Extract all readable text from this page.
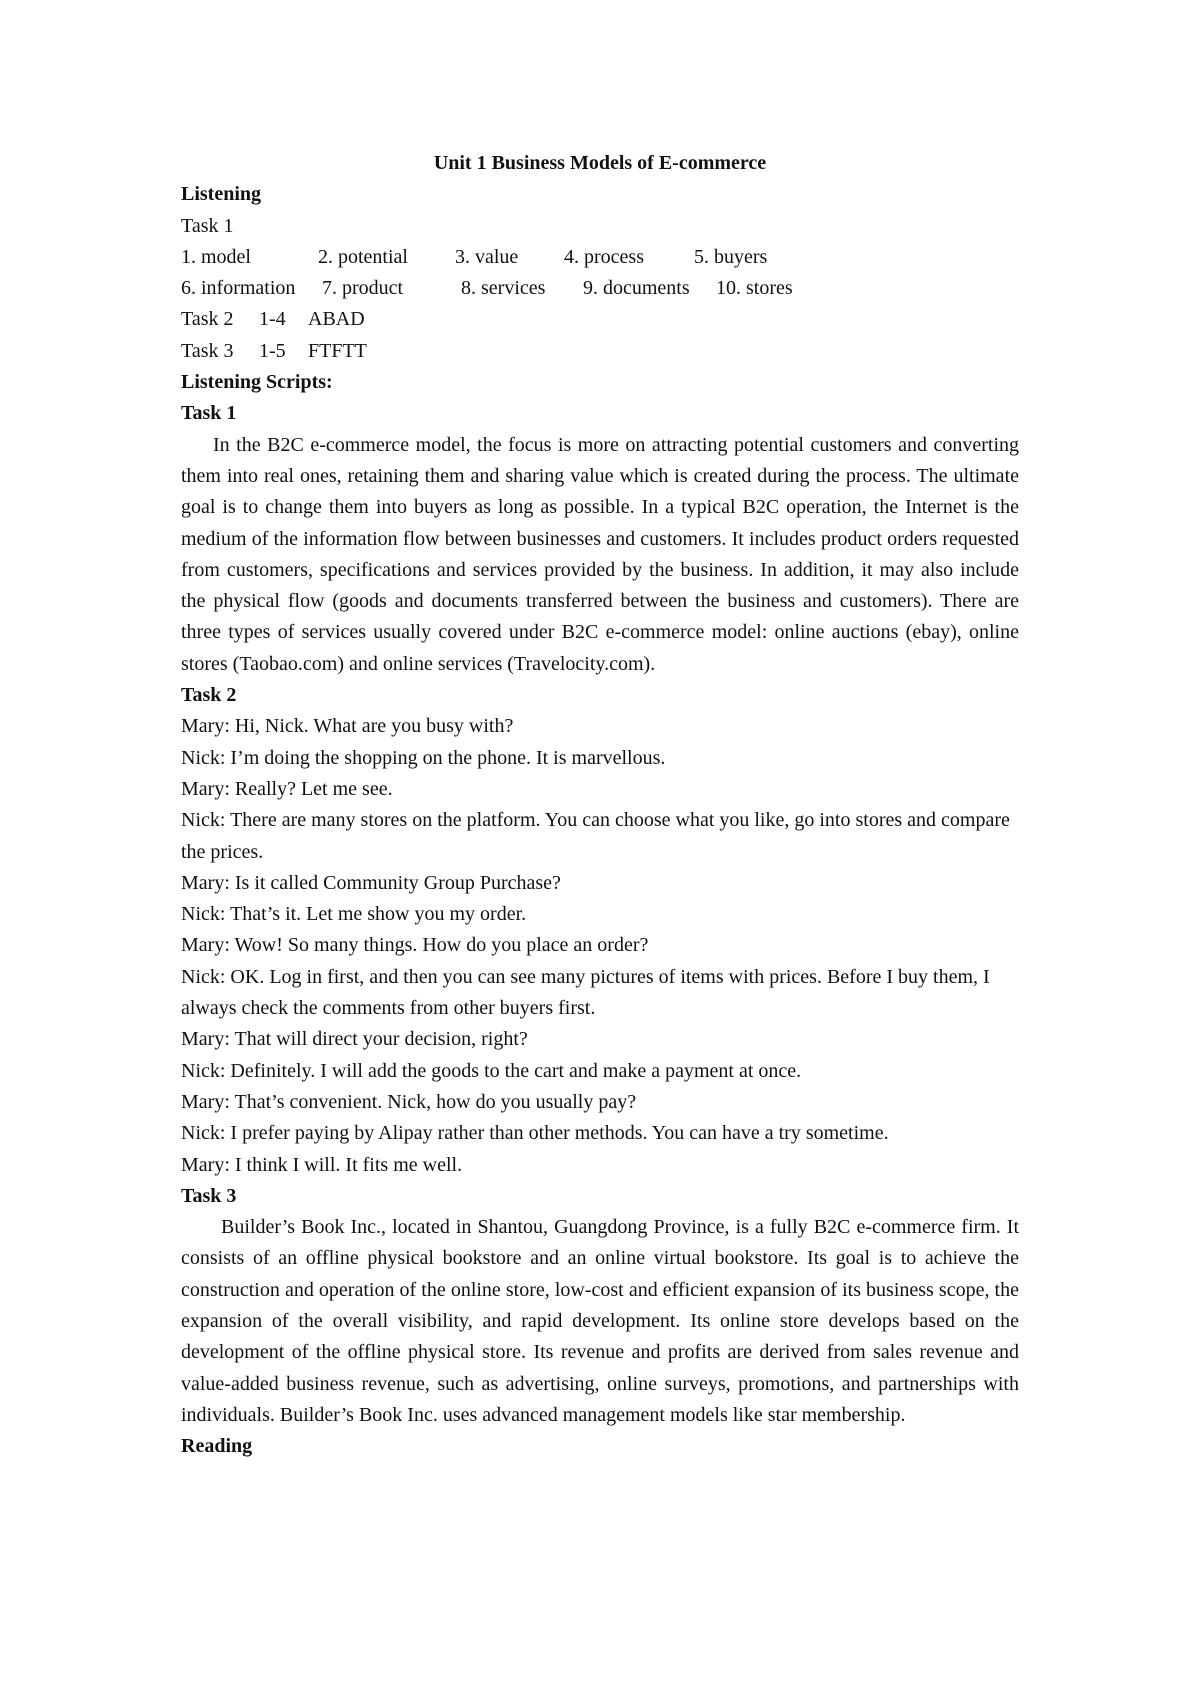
Unit 1 Business Models of E-commerce

Listening

Task 1

1. model	2. potential	3. value	4. process	5. buyers
6. information	7. product	8. services	9. documents	10. stores
Task 2	1-4	ABAD
Task 3	1-5	FTFTT

Listening Scripts:

Task 1

In the B2C e-commerce model, the focus is more on attracting potential customers and converting them into real ones, retaining them and sharing value which is created during the process. The ultimate goal is to change them into buyers as long as possible. In a typical B2C operation, the Internet is the medium of the information flow between businesses and customers. It includes product orders requested from customers, specifications and services provided by the business. In addition, it may also include the physical flow (goods and documents transferred between the business and customers). There are three types of services usually covered under B2C e-commerce model: online auctions (ebay), online stores (Taobao.com) and online services (Travelocity.com).

Task 2

Mary: Hi, Nick. What are you busy with?

Nick: I’m doing the shopping on the phone. It is marvellous.

Mary: Really? Let me see.

Nick: There are many stores on the platform. You can choose what you like, go into stores and compare the prices.

Mary: Is it called Community Group Purchase?

Nick: That’s it. Let me show you my order.

Mary: Wow! So many things. How do you place an order?

Nick: OK. Log in first, and then you can see many pictures of items with prices. Before I buy them, I always check the comments from other buyers first.

Mary: That will direct your decision, right?

Nick: Definitely. I will add the goods to the cart and make a payment at once.

Mary: That’s convenient. Nick, how do you usually pay?

Nick: I prefer paying by Alipay rather than other methods. You can have a try sometime.

Mary: I think I will. It fits me well.

Task 3

Builder’s Book Inc., located in Shantou, Guangdong Province, is a fully B2C e-commerce firm. It consists of an offline physical bookstore and an online virtual bookstore. Its goal is to achieve the construction and operation of the online store, low-cost and efficient expansion of its business scope, the expansion of the overall visibility, and rapid development. Its online store develops based on the development of the offline physical store. Its revenue and profits are derived from sales revenue and value-added business revenue, such as advertising, online surveys, promotions, and partnerships with individuals. Builder’s Book Inc. uses advanced management models like star membership.

Reading
